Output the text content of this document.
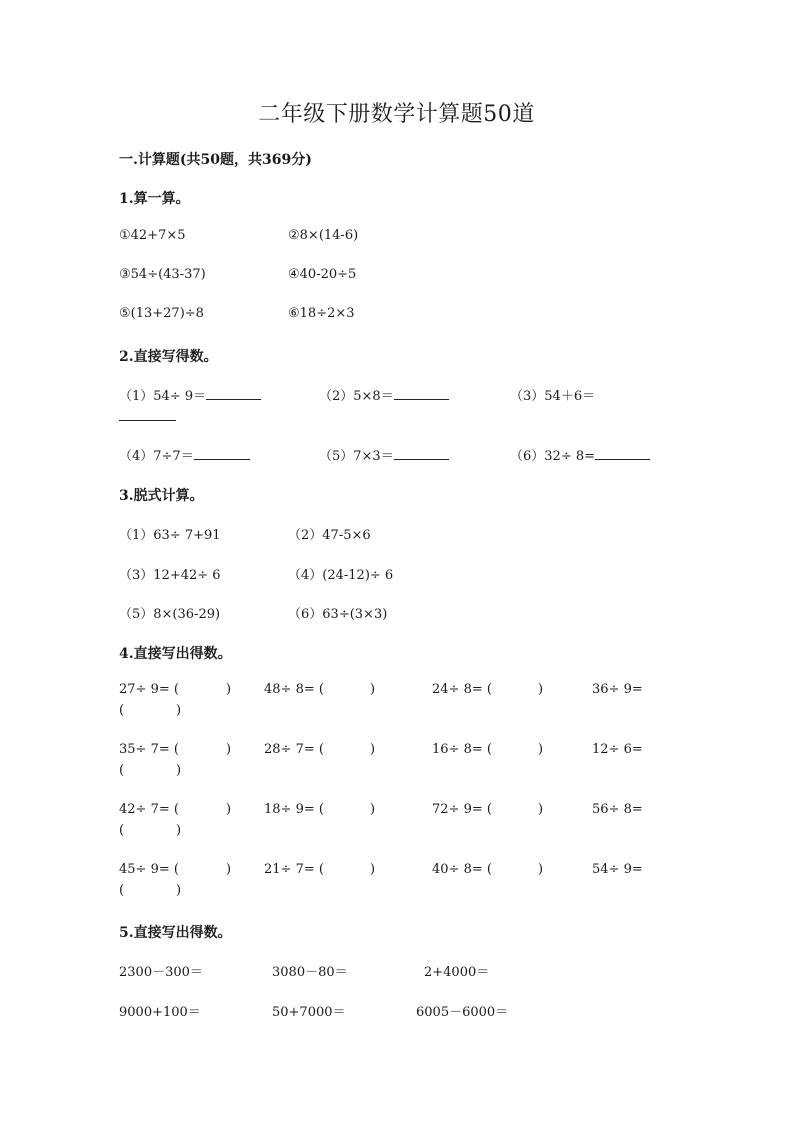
二年级下册数学计算题50道
一.计算题(共50题，共369分)
1.算一算。
①42+7×5	②8×(14-6)
③54÷(43-37)	④40-20÷5
⑤(13+27)÷8	⑥18÷2×3
2.直接写得数。
（1）54÷ 9＝	（2）5×8＝	（3）54＋6＝
（4）7÷7＝	（5）7×3＝	（6）32÷ 8=
3.脱式计算。
（1）63÷ 7+91	（2）47-5×6
（3）12+42÷ 6	（4）(24-12)÷ 6
（5）8×(36-29)	（6）63÷(3×3)
4.直接写出得数。
27÷ 9= (	)	48÷ 8= (	)	24÷ 8= (	)	36÷ 9=
(	)
35÷ 7= (	)	28÷ 7= (	)	16÷ 8= (	)	12÷ 6=
(	)
42÷ 7= (	)	18÷ 9= (	)	72÷ 9= (	)	56÷ 8=
(	)
45÷ 9= (	)	21÷ 7= (	)	40÷ 8= (	)	54÷ 9=
(	)
5.直接写出得数。
2300－300＝	3080－80＝	2+4000＝
9000+100＝	50+7000＝	6005－6000＝
